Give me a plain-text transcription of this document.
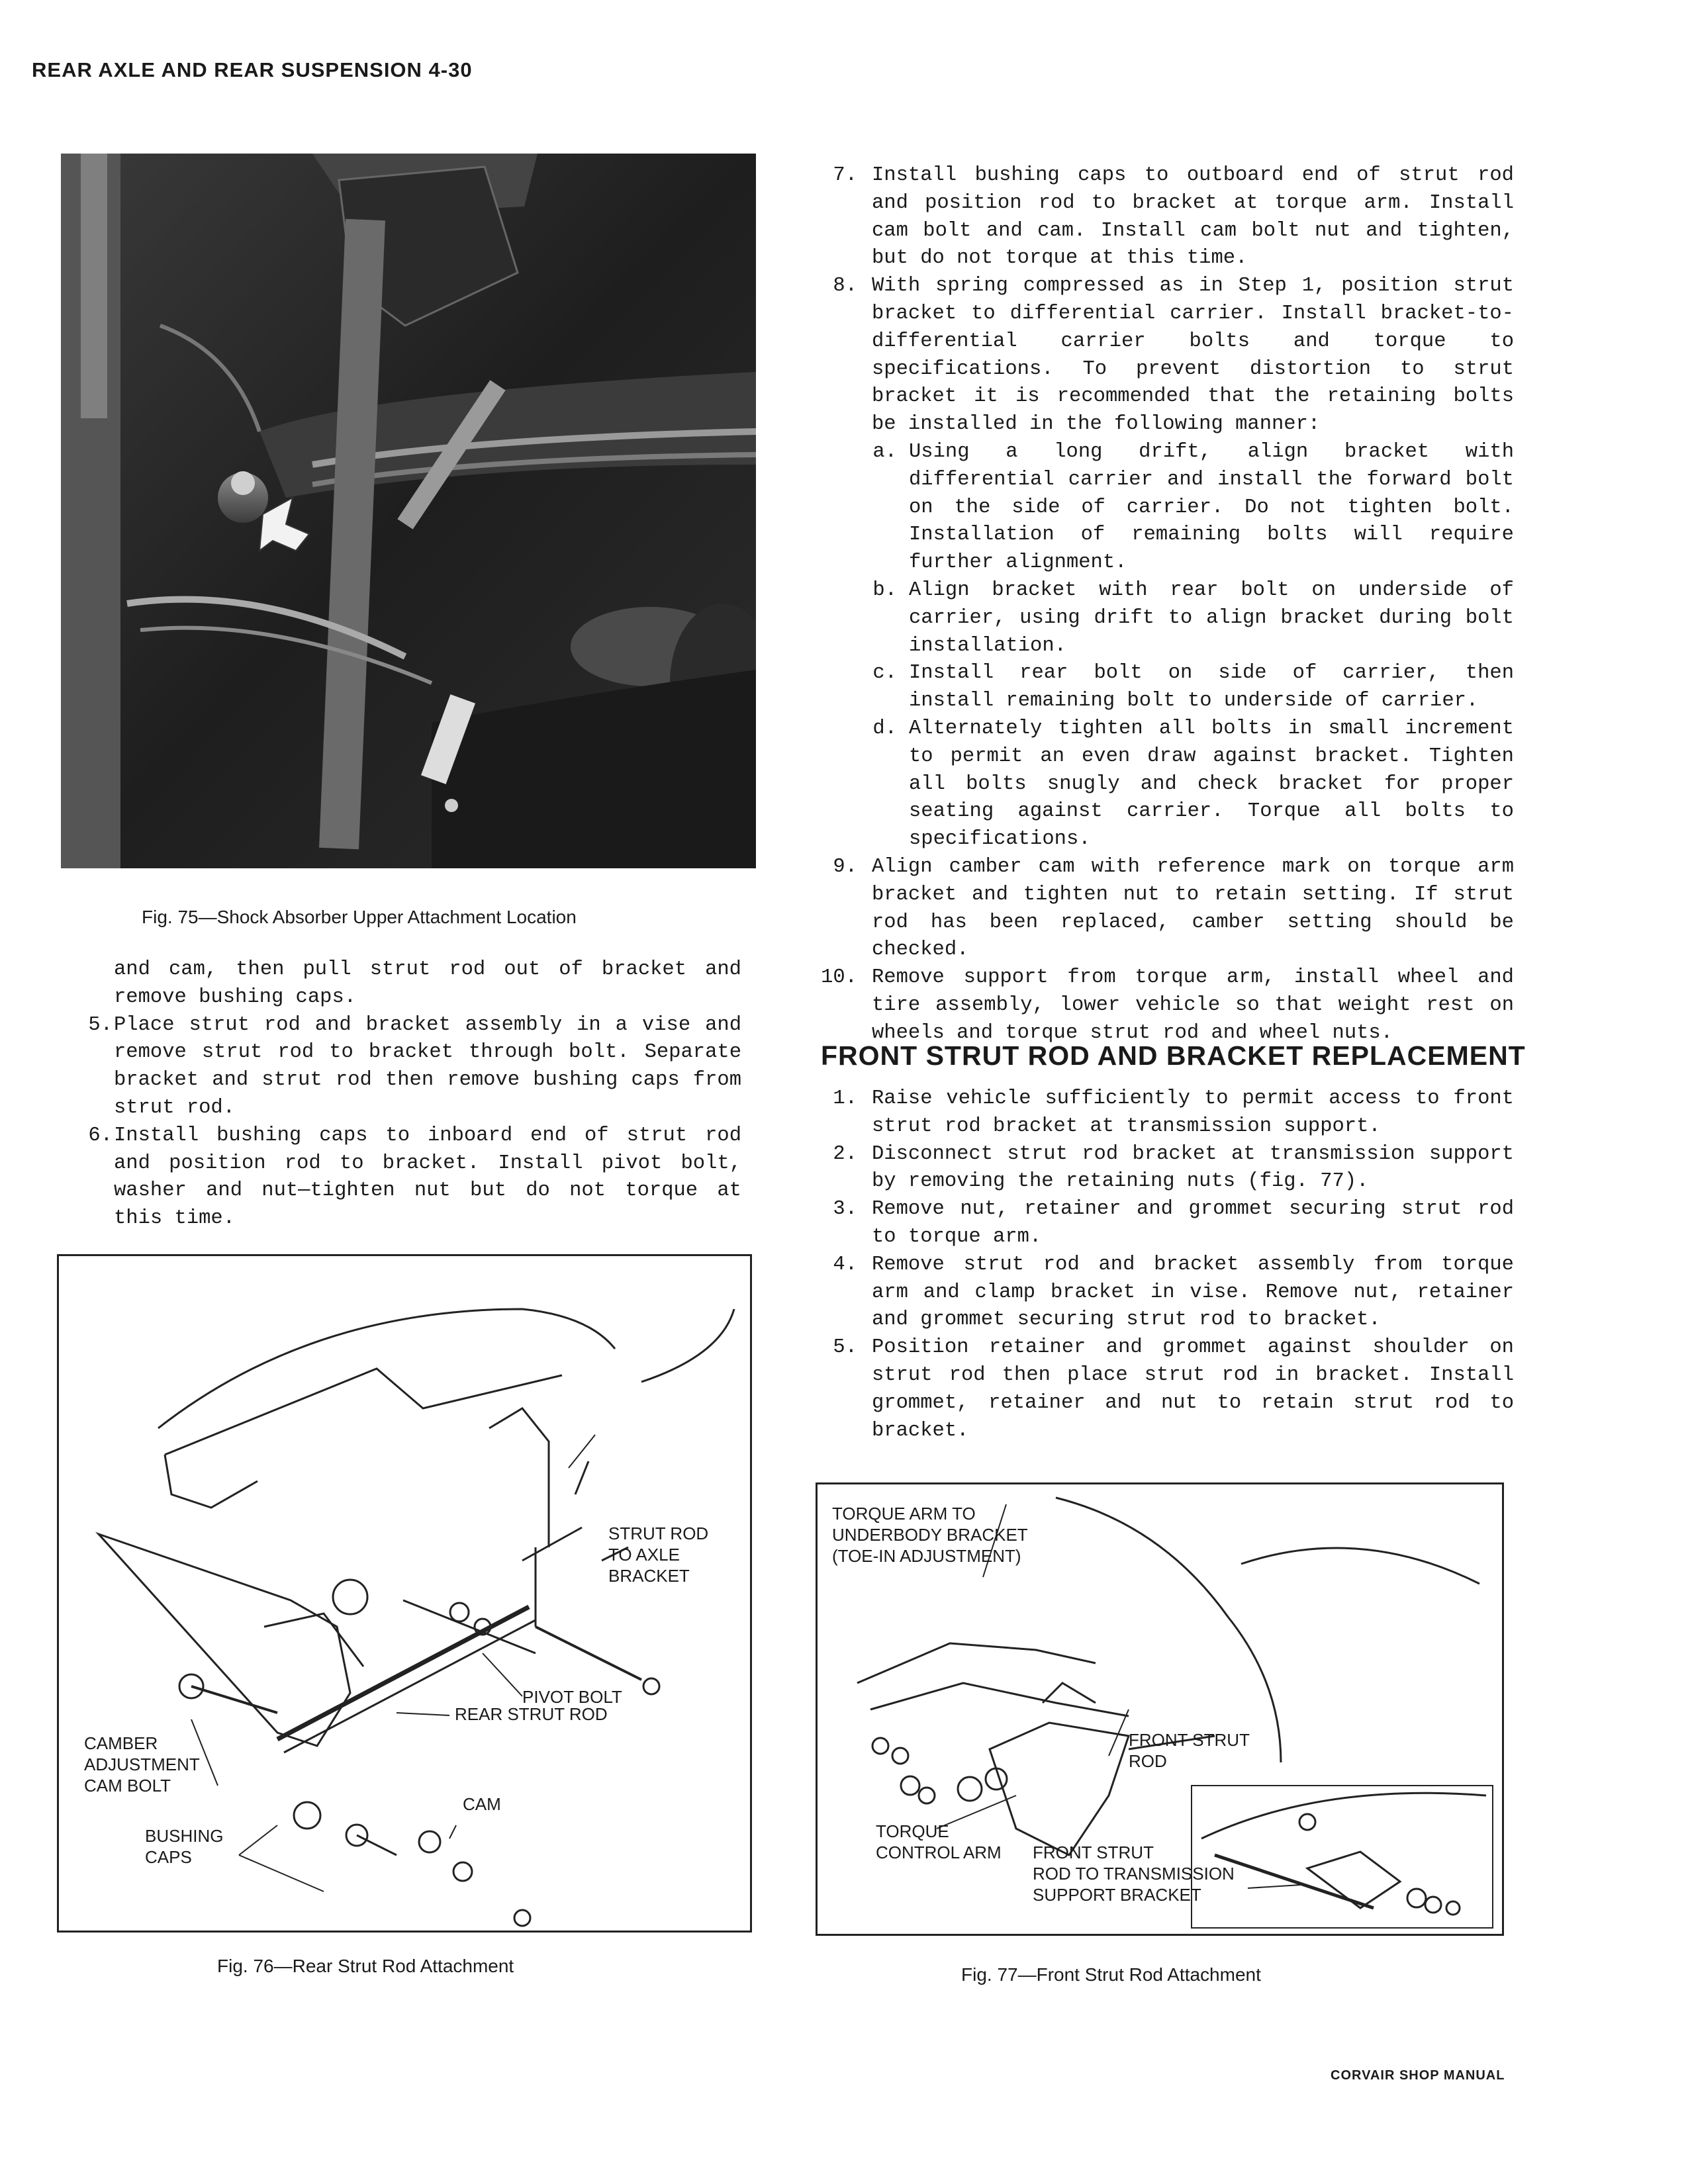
REAR AXLE AND REAR SUSPENSION 4-30
Fig. 75—Shock Absorber Upper Attachment Location
and cam, then pull strut rod out of bracket and remove bushing caps.
5. Place strut rod and bracket assembly in a vise and remove strut rod to bracket through bolt. Separate bracket and strut rod then remove bushing caps from strut rod.
6. Install bushing caps to inboard end of strut rod and position rod to bracket. Install pivot bolt, washer and nut—tighten nut but do not torque at this time.
STRUT ROD
TO AXLE
BRACKET
PIVOT BOLT
REAR STRUT ROD
CAMBER
ADJUSTMENT
CAM BOLT
CAM
BUSHING
CAPS
Fig. 76—Rear Strut Rod Attachment
7. Install bushing caps to outboard end of strut rod and position rod to bracket at torque arm. Install cam bolt and cam. Install cam bolt nut and tighten, but do not torque at this time.
8. With spring compressed as in Step 1, position strut bracket to differential carrier. Install bracket-to-differential carrier bolts and torque to specifications. To prevent distortion to strut bracket it is recommended that the retaining bolts be installed in the following manner:
a. Using a long drift, align bracket with differential carrier and install the forward bolt on the side of carrier. Do not tighten bolt. Installation of remaining bolts will require further alignment.
b. Align bracket with rear bolt on underside of carrier, using drift to align bracket during bolt installation.
c. Install rear bolt on side of carrier, then install remaining bolt to underside of carrier.
d. Alternately tighten all bolts in small increment to permit an even draw against bracket. Tighten all bolts snugly and check bracket for proper seating against carrier. Torque all bolts to specifications.
9. Align camber cam with reference mark on torque arm bracket and tighten nut to retain setting. If strut rod has been replaced, camber setting should be checked.
10. Remove support from torque arm, install wheel and tire assembly, lower vehicle so that weight rest on wheels and torque strut rod and wheel nuts.
FRONT STRUT ROD AND BRACKET REPLACEMENT
1. Raise vehicle sufficiently to permit access to front strut rod bracket at transmission support.
2. Disconnect strut rod bracket at transmission support by removing the retaining nuts (fig. 77).
3. Remove nut, retainer and grommet securing strut rod to torque arm.
4. Remove strut rod and bracket assembly from torque arm and clamp bracket in vise. Remove nut, retainer and grommet securing strut rod to bracket.
5. Position retainer and grommet against shoulder on strut rod then place strut rod in bracket. Install grommet, retainer and nut to retain strut rod to bracket.
TORQUE ARM TO
UNDERBODY BRACKET
(TOE-IN ADJUSTMENT)
FRONT STRUT
ROD
TORQUE
CONTROL ARM FRONT STRUT
ROD TO TRANSMISSION
SUPPORT BRACKET
Fig. 77—Front Strut Rod Attachment
CORVAIR SHOP MANUAL
